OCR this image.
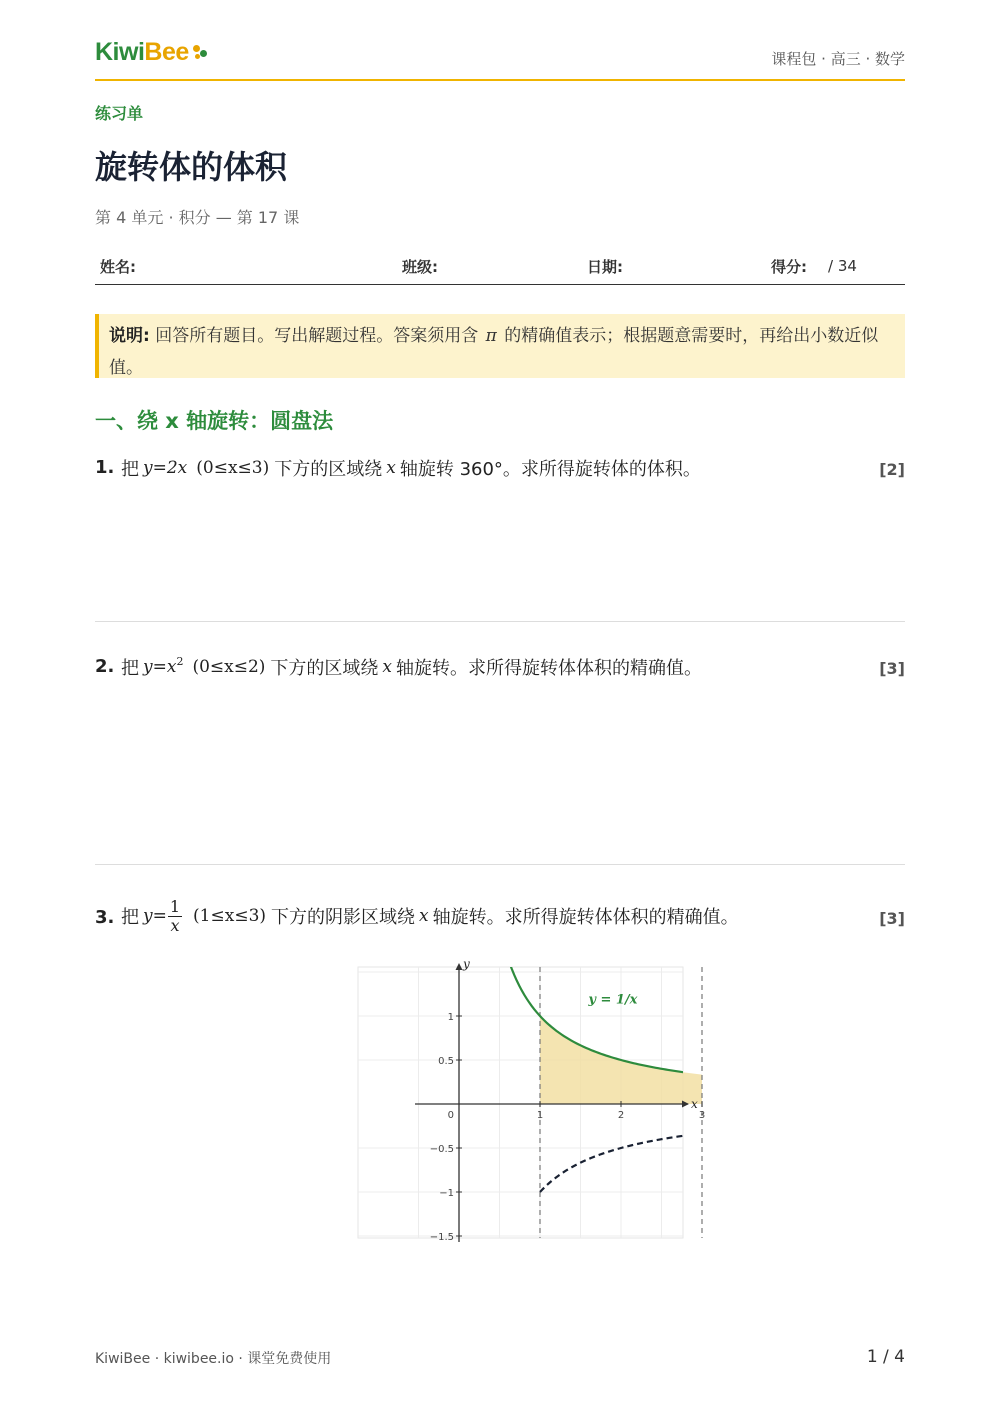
KiwiBee	课程包 · 高三 · 数学
练习单
旋转体的体积
第 4 单元 · 积分 — 第 17 课
姓名:	班级:	日期:	得分: / 34
说明: 回答所有题目。写出解题过程。答案须用含 π 的精确值表示；根据题意需要时，再给出小数近似值。
一、绕 x 轴旋转：圆盘法
1. 把 y=2x (0≤x≤3) 下方的区域绕 x 轴旋转 360°。求所得旋转体的体积。	[2]
2. 把 $y=x^2$ (0≤x≤2) 下方的区域绕 x 轴旋转。求所得旋转体体积的精确值。	[3]
3. 把 $y= \frac{1}{x} (1\le x\le 3)$ 下方的阴影区域绕 x 轴旋转。求所得旋转体体积的精确值。	[3]
x
y
1	2	3
1
0.5
0
−0.5
−1
−1.5
y = 1/x
KiwiBee · kiwibee.io · 课堂免费使用	1 / 4
